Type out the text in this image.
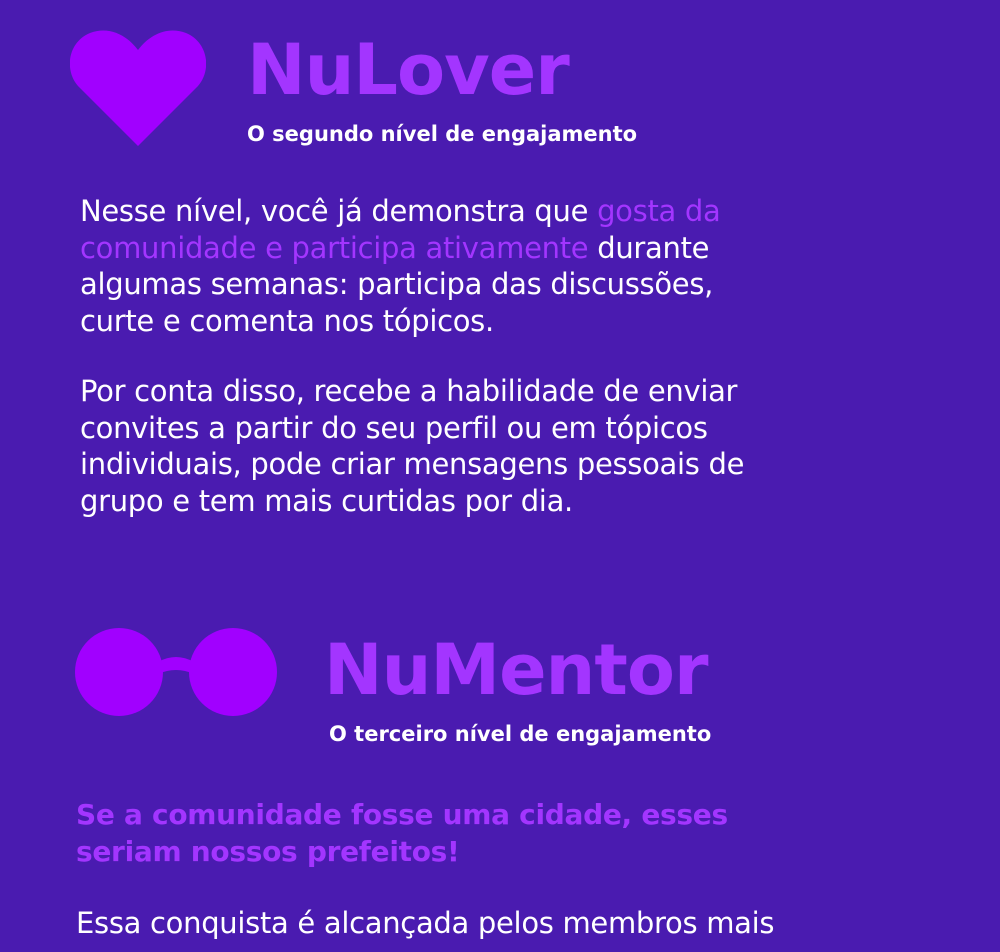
NuLover
O segundo nível de engajamento
Nesse nível, você já demonstra que gosta da
comunidade e participa ativamente durante
algumas semanas: participa das discussões,
curte e comenta nos tópicos.
Por conta disso, recebe a habilidade de enviar
convites a partir do seu perfil ou em tópicos
individuais, pode criar mensagens pessoais de
grupo e tem mais curtidas por dia.
NuMentor
O terceiro nível de engajamento
Se a comunidade fosse uma cidade, esses
seriam nossos prefeitos!
Essa conquista é alcançada pelos membros mais
